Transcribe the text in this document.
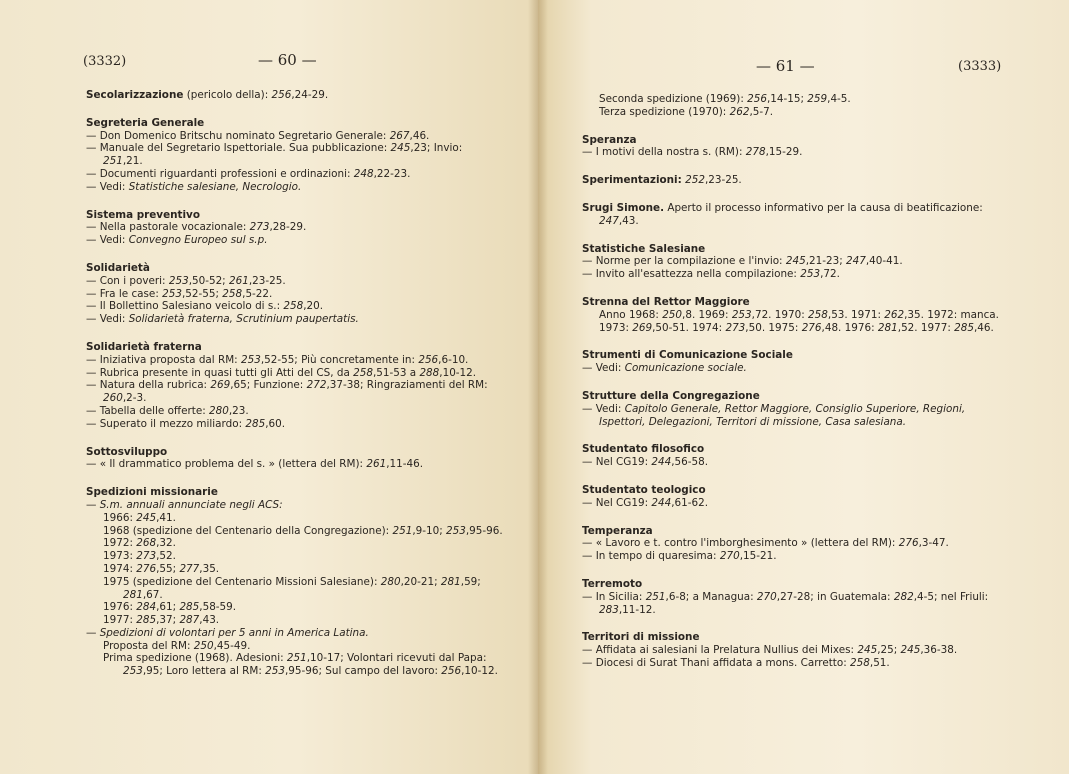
(3332)	— 60 —
Secolarizzazione (pericolo della): 256,24-29.
Segreteria Generale
— Don Domenico Britschu nominato Segretario Generale: 267,46.
— Manuale del Segretario Ispettoriale. Sua pubblicazione: 245,23; Invio:
251,21.
— Documenti riguardanti professioni e ordinazioni: 248,22-23.
— Vedi: Statistiche salesiane, Necrologio.
Sistema preventivo
— Nella pastorale vocazionale: 273,28-29.
— Vedi: Convegno Europeo sul s.p.
Solidarietà
— Con i poveri: 253,50-52; 261,23-25.
— Fra le case: 253,52-55; 258,5-22.
— Il Bollettino Salesiano veicolo di s.: 258,20.
— Vedi: Solidarietà fraterna, Scrutinium paupertatis.
Solidarietà fraterna
— Iniziativa proposta dal RM: 253,52-55; Più concretamente in: 256,6-10.
— Rubrica presente in quasi tutti gli Atti del CS, da 258,51-53 a 288,10-12.
— Natura della rubrica: 269,65; Funzione: 272,37-38; Ringraziamenti del RM:
260,2-3.
— Tabella delle offerte: 280,23.
— Superato il mezzo miliardo: 285,60.
Sottosviluppo
— « Il drammatico problema del s. » (lettera del RM): 261,11-46.
Spedizioni missionarie
— S.m. annuali annunciate negli ACS:
1966: 245,41.
1968 (spedizione del Centenario della Congregazione): 251,9-10; 253,95-96.
1972: 268,32.
1973: 273,52.
1974: 276,55; 277,35.
1975 (spedizione del Centenario Missioni Salesiane): 280,20-21; 281,59;
281,67.
1976: 284,61; 285,58-59.
1977: 285,37; 287,43.
— Spedizioni di volontari per 5 anni in America Latina.
Proposta del RM: 250,45-49.
Prima spedizione (1968). Adesioni: 251,10-17; Volontari ricevuti dal Papa:
253,95; Loro lettera al RM: 253,95-96; Sul campo del lavoro: 256,10-12.
— 61 —	(3333)
Seconda spedizione (1969): 256,14-15; 259,4-5.
Terza spedizione (1970): 262,5-7.
Speranza
— I motivi della nostra s. (RM): 278,15-29.
Sperimentazioni: 252,23-25.
Srugi Simone. Aperto il processo informativo per la causa di beatificazione:
247,43.
Statistiche Salesiane
— Norme per la compilazione e l'invio: 245,21-23; 247,40-41.
— Invito all'esattezza nella compilazione: 253,72.
Strenna del Rettor Maggiore
Anno 1968: 250,8. 1969: 253,72. 1970: 258,53. 1971: 262,35. 1972: manca.
1973: 269,50-51. 1974: 273,50. 1975: 276,48. 1976: 281,52. 1977: 285,46.
Strumenti di Comunicazione Sociale
— Vedi: Comunicazione sociale.
Strutture della Congregazione
— Vedi: Capitolo Generale, Rettor Maggiore, Consiglio Superiore, Regioni,
Ispettori, Delegazioni, Territori di missione, Casa salesiana.
Studentato filosofico
— Nel CG19: 244,56-58.
Studentato teologico
— Nel CG19: 244,61-62.
Temperanza
— « Lavoro e t. contro l'imborghesimento » (lettera del RM): 276,3-47.
— In tempo di quaresima: 270,15-21.
Terremoto
— In Sicilia: 251,6-8; a Managua: 270,27-28; in Guatemala: 282,4-5; nel Friuli:
283,11-12.
Territori di missione
— Affidata ai salesiani la Prelatura Nullius dei Mixes: 245,25; 245,36-38.
— Diocesi di Surat Thani affidata a mons. Carretto: 258,51.
